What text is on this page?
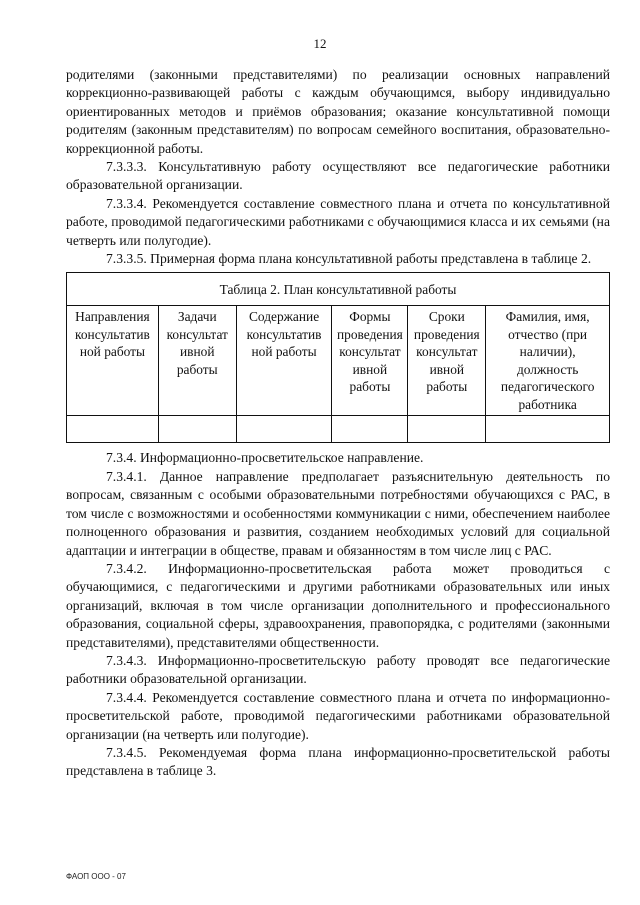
12

родителями (законными представителями) по реализации основных направлений коррекционно-развивающей работы с каждым обучающимся, выбору индивидуально ориентированных методов и приёмов образования; оказание консультативной помощи родителям (законным представителям) по вопросам семейного воспитания, образовательно-коррекционной работы.

7.3.3.3. Консультативную работу осуществляют все педагогические работники образовательной организации.

7.3.3.4. Рекомендуется составление совместного плана и отчета по консультативной работе, проводимой педагогическими работниками с обучающимися класса и их семьями (на четверть или полугодие).

7.3.3.5. Примерная форма плана консультативной работы представлена в таблице 2.

Таблица 2. План консультативной работы					
Направления консультатив ной работы	Задачи консультат ивной работы	Содержание консультатив ной работы	Формы проведения консультат ивной работы	Сроки проведения консультат ивной работы	Фамилия, имя, отчество (при наличии), должность педагогического работника

7.3.4. Информационно-просветительское направление.

7.3.4.1. Данное направление предполагает разъяснительную деятельность по вопросам, связанным с особыми образовательными потребностями обучающихся с РАС, в том числе с возможностями и особенностями коммуникации с ними, обеспечением наиболее полноценного образования и развития, созданием необходимых условий для социальной адаптации и интеграции в обществе, правам и обязанностям в том числе лиц с РАС.

7.3.4.2. Информационно-просветительская работа может проводиться с обучающимися, с педагогическими и другими работниками образовательных или иных организаций, включая в том числе организации дополнительного и профессионального образования, социальной сферы, здравоохранения, правопорядка, с родителями (законными представителями), представителями общественности.

7.3.4.3. Информационно-просветительскую работу проводят все педагогические работники образовательной организации.

7.3.4.4. Рекомендуется составление совместного плана и отчета по информационно-просветительской работе, проводимой педагогическими работниками образовательной организации (на четверть или полугодие).

7.3.4.5. Рекомендуемая форма плана информационно-просветительской работы представлена в таблице 3.

ФАОП ООО - 07
